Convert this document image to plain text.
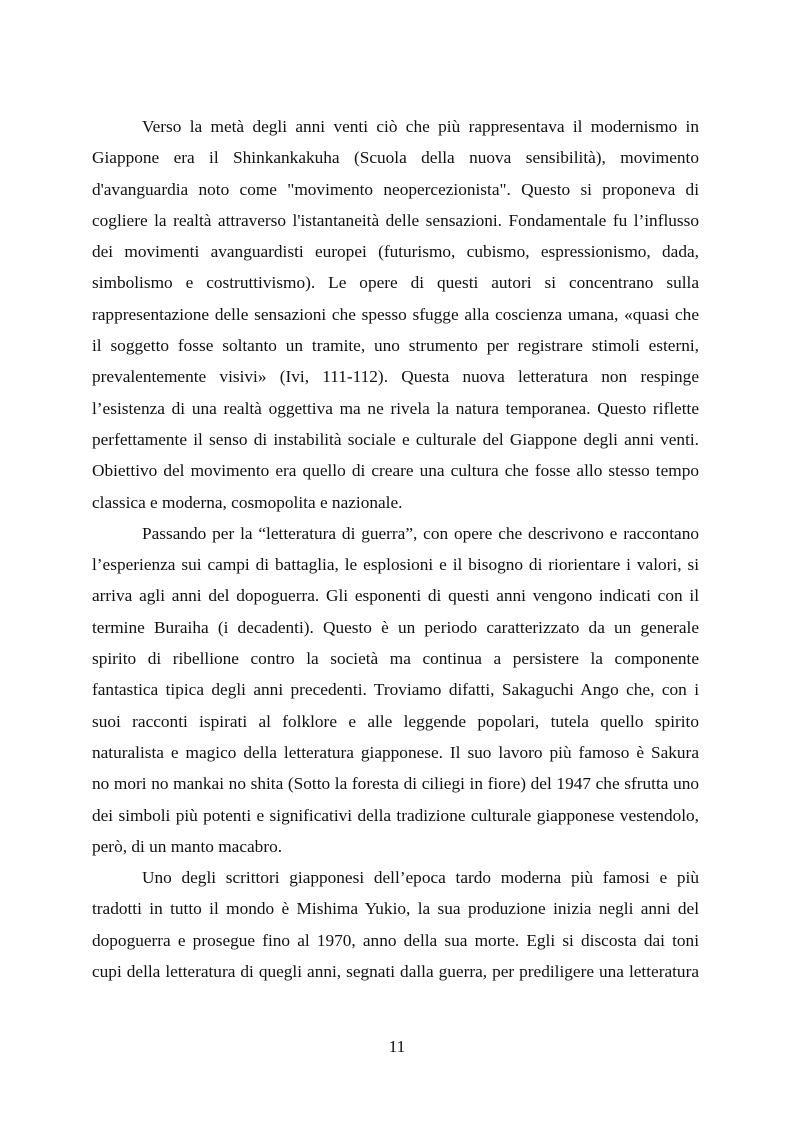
Verso la metà degli anni venti ciò che più rappresentava il modernismo in
Giappone era il Shinkankakuha (Scuola della nuova sensibilità), movimento
d'avanguardia noto come "movimento neopercezionista". Questo si proponeva di
cogliere la realtà attraverso l'istantaneità delle sensazioni. Fondamentale fu l’influsso
dei movimenti avanguardisti europei (futurismo, cubismo, espressionismo, dada,
simbolismo e costruttivismo). Le opere di questi autori si concentrano sulla
rappresentazione delle sensazioni che spesso sfugge alla coscienza umana, «quasi che
il soggetto fosse soltanto un tramite, uno strumento per registrare stimoli esterni,
prevalentemente visivi» (Ivi, 111-112). Questa nuova letteratura non respinge
l’esistenza di una realtà oggettiva ma ne rivela la natura temporanea. Questo riflette
perfettamente il senso di instabilità sociale e culturale del Giappone degli anni venti.
Obiettivo del movimento era quello di creare una cultura che fosse allo stesso tempo
classica e moderna, cosmopolita e nazionale.
Passando per la “letteratura di guerra”, con opere che descrivono e raccontano
l’esperienza sui campi di battaglia, le esplosioni e il bisogno di riorientare i valori, si
arriva agli anni del dopoguerra. Gli esponenti di questi anni vengono indicati con il
termine Buraiha (i decadenti). Questo è un periodo caratterizzato da un generale
spirito di ribellione contro la società ma continua a persistere la componente
fantastica tipica degli anni precedenti. Troviamo difatti, Sakaguchi Ango che, con i
suoi racconti ispirati al folklore e alle leggende popolari, tutela quello spirito
naturalista e magico della letteratura giapponese. Il suo lavoro più famoso è Sakura
no mori no mankai no shita (Sotto la foresta di ciliegi in fiore) del 1947 che sfrutta uno
dei simboli più potenti e significativi della tradizione culturale giapponese vestendolo,
però, di un manto macabro.
Uno degli scrittori giapponesi dell’epoca tardo moderna più famosi e più
tradotti in tutto il mondo è Mishima Yukio, la sua produzione inizia negli anni del
dopoguerra e prosegue fino al 1970, anno della sua morte. Egli si discosta dai toni
cupi della letteratura di quegli anni, segnati dalla guerra, per prediligere una letteratura
11
